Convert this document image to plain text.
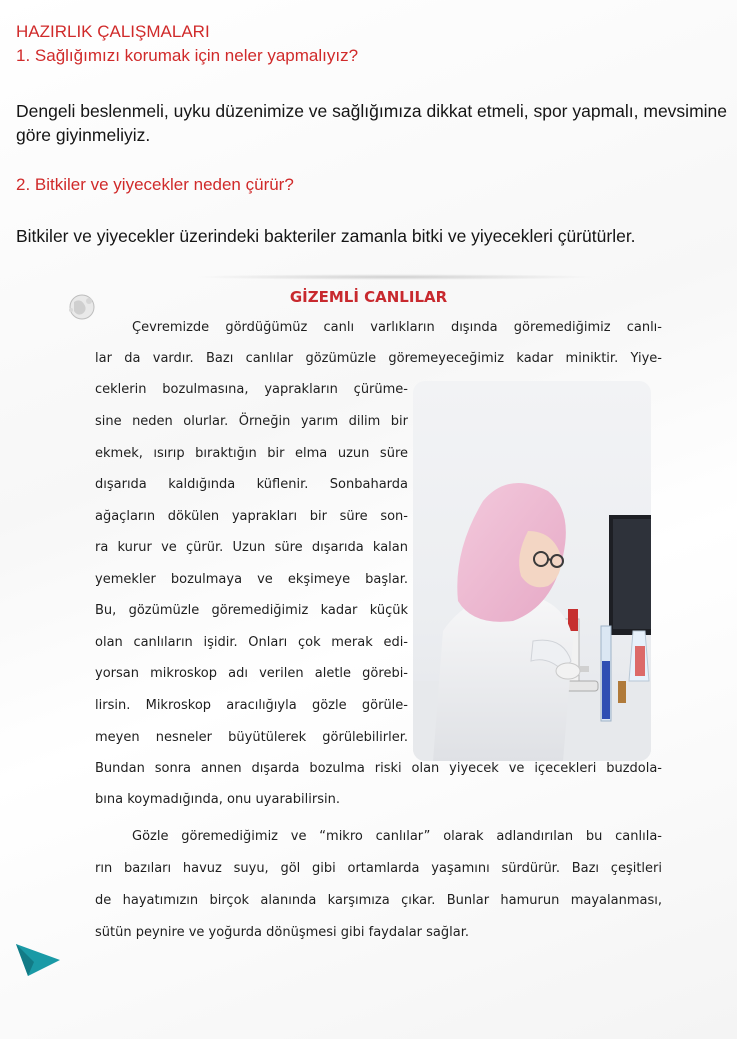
HAZIRLIK ÇALIŞMALARI
1. Sağlığımızı korumak için neler yapmalıyız?
Dengeli beslenmeli, uyku düzenimize ve sağlığımıza dikkat etmeli, spor yapmalı, mevsimine göre giyinmeliyiz.
2. Bitkiler ve yiyecekler neden çürür?
Bitkiler ve yiyecekler üzerindeki bakteriler zamanla bitki ve yiyecekleri çürütürler.
GİZEMLİ CANLILAR
Çevremizde gördüğümüz canlı varlıkların dışında göremediğimiz canlı-
lar da vardır. Bazı canlılar gözümüzle göremeyeceğimiz kadar miniktir. Yiye-
ceklerin bozulmasına, yaprakların çürüme-
sine neden olurlar. Örneğin yarım dilim bir
ekmek, ısırıp bıraktığın bir elma uzun süre
dışarıda kaldığında küflenir. Sonbaharda
ağaçların dökülen yaprakları bir süre son-
ra kurur ve çürür. Uzun süre dışarıda kalan
yemekler bozulmaya ve ekşimeye başlar.
Bu, gözümüzle göremediğimiz kadar küçük
olan canlıların işidir. Onları çok merak edi-
yorsan mikroskop adı verilen aletle görebi-
lirsin. Mikroskop aracılığıyla gözle görüle-
meyen nesneler büyütülerek görülebilirler.
Bundan sonra annen dışarda bozulma riski olan yiyecek ve içecekleri buzdola-
bına koymadığında, onu uyarabilirsin.
Gözle göremediğimiz ve “mikro canlılar” olarak adlandırılan bu canlıla-
rın bazıları havuz suyu, göl gibi ortamlarda yaşamını sürdürür. Bazı çeşitleri
de hayatımızın birçok alanında karşımıza çıkar. Bunlar hamurun mayalanması,
sütün peynire ve yoğurda dönüşmesi gibi faydalar sağlar.
